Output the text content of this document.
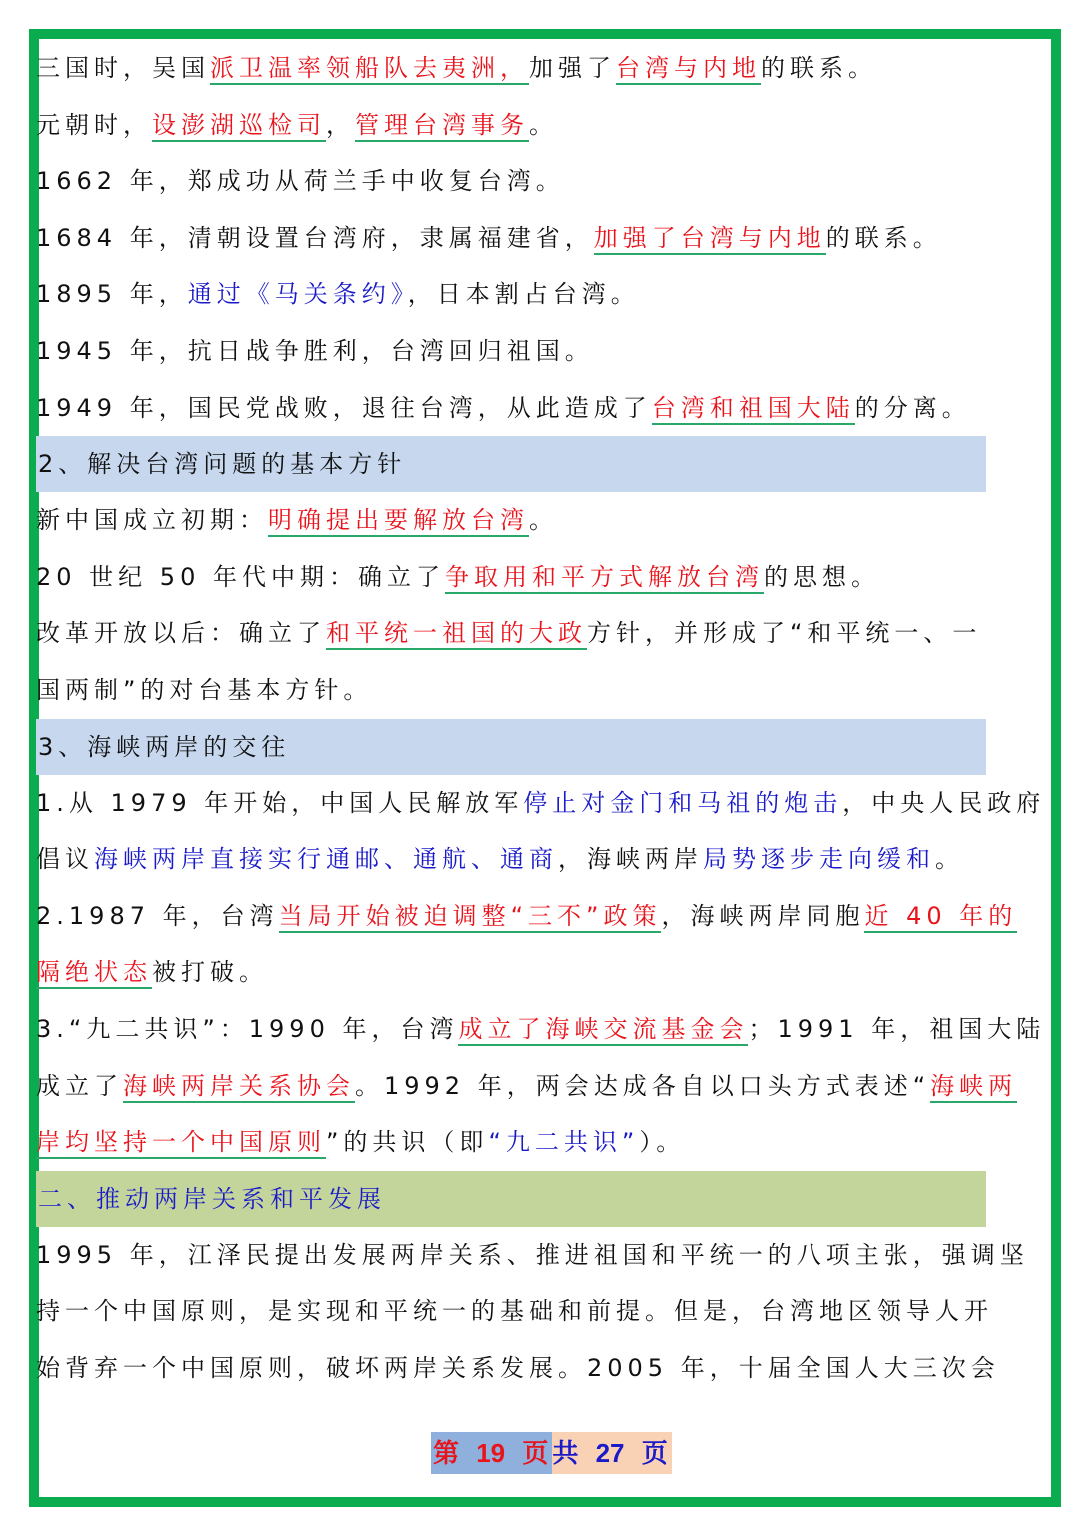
三国时，吴国派卫温率领船队去夷洲，加强了台湾与内地的联系。
元朝时，设澎湖巡检司，管理台湾事务。
1662 年，郑成功从荷兰手中收复台湾。
1684 年，清朝设置台湾府，隶属福建省，加强了台湾与内地的联系。
1895 年，通过《马关条约》，日本割占台湾。
1945 年，抗日战争胜利，台湾回归祖国。
1949 年，国民党战败，退往台湾，从此造成了台湾和祖国大陆的分离。
2、解决台湾问题的基本方针
新中国成立初期：明确提出要解放台湾。
20 世纪 50 年代中期：确立了争取用和平方式解放台湾的思想。
改革开放以后：确立了和平统一祖国的大政方针，并形成了“和平统一、一
国两制”的对台基本方针。
3、海峡两岸的交往
1.从 1979 年开始，中国人民解放军停止对金门和马祖的炮击，中央人民政府
倡议海峡两岸直接实行通邮、通航、通商，海峡两岸局势逐步走向缓和。
2.1987 年，台湾当局开始被迫调整“三不”政策，海峡两岸同胞近 40 年的
隔绝状态被打破。
3.“九二共识”：1990 年，台湾成立了海峡交流基金会；1991 年，祖国大陆
成立了海峡两岸关系协会。1992 年，两会达成各自以口头方式表述“海峡两
岸均坚持一个中国原则”的共识（即“九二共识”）。
二、推动两岸关系和平发展
1995 年，江泽民提出发展两岸关系、推进祖国和平统一的八项主张，强调坚
持一个中国原则，是实现和平统一的基础和前提。但是，台湾地区领导人开
始背弃一个中国原则，破坏两岸关系发展。2005 年，十届全国人大三次会
第 19 页 共 27 页
